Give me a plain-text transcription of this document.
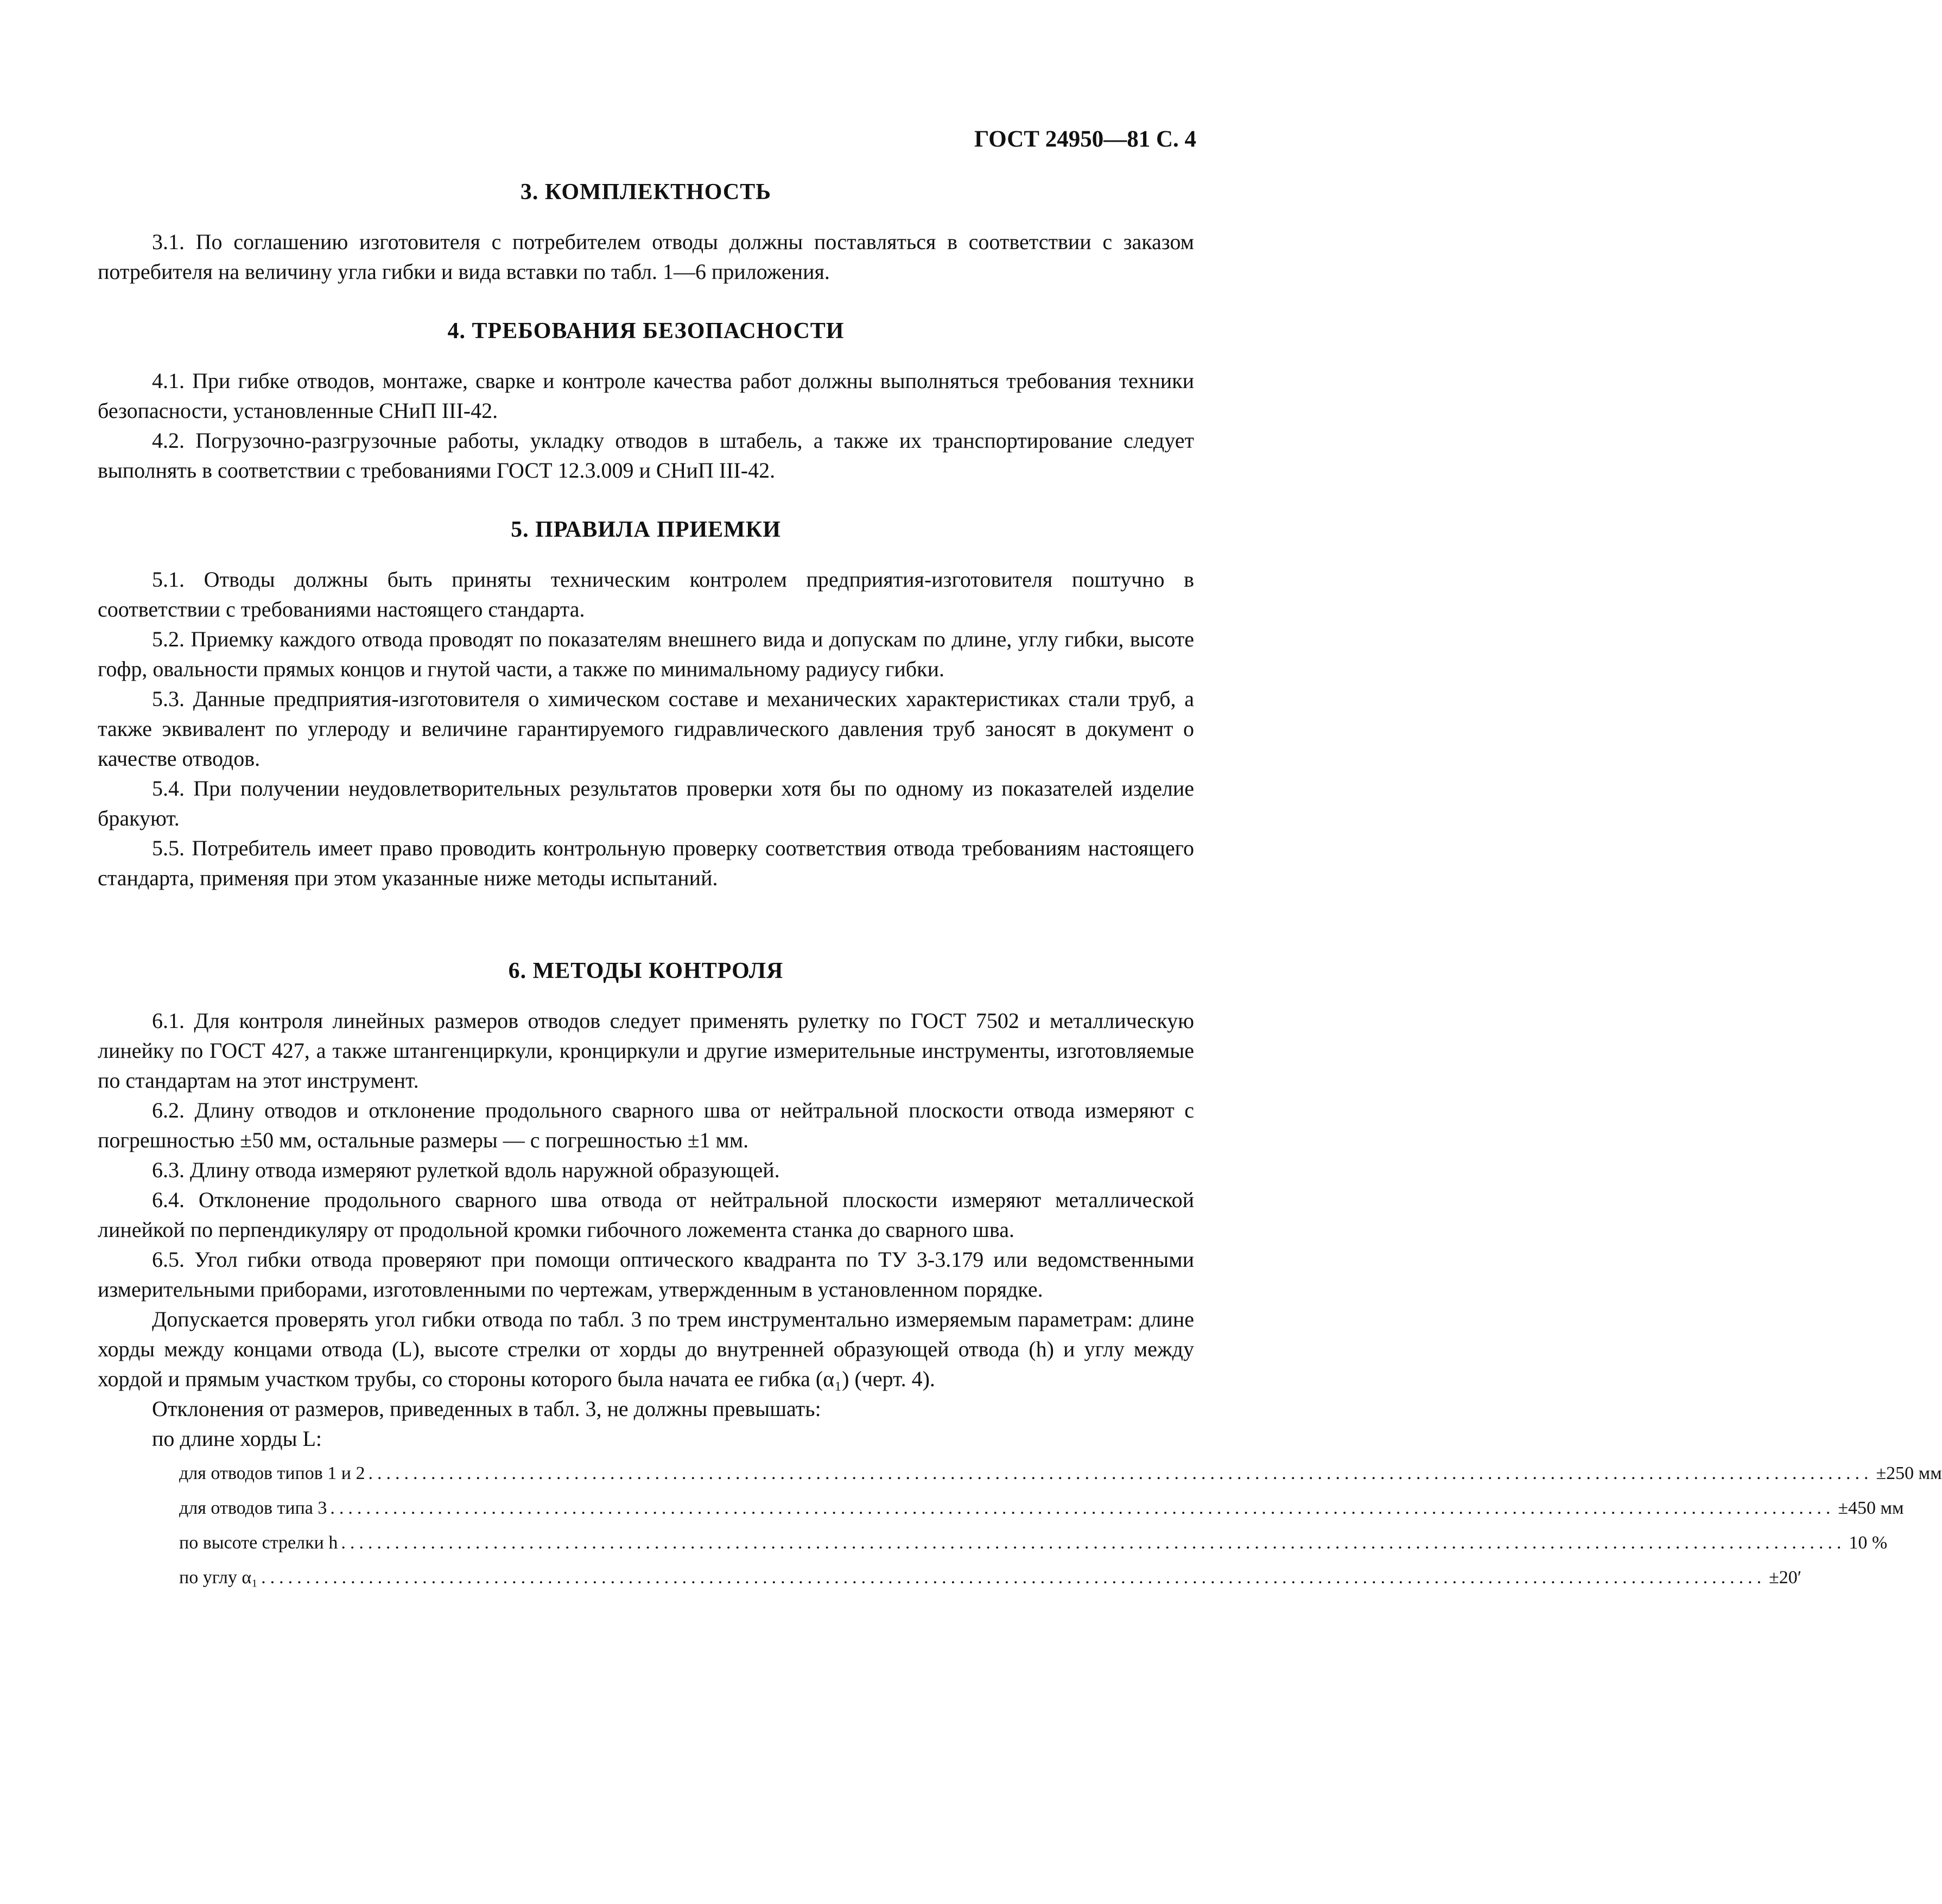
ГОСТ 24950—81 С. 4
3. КОМПЛЕКТНОСТЬ

3.1. По соглашению изготовителя с потребителем отводы должны поставляться в соответствии с заказом потребителя на величину угла гибки и вида вставки по табл. 1—6 приложения.

4. ТРЕБОВАНИЯ БЕЗОПАСНОСТИ

4.1. При гибке отводов, монтаже, сварке и контроле качества работ должны выполняться требования техники безопасности, установленные СНиП III-42.

4.2. Погрузочно-разгрузочные работы, укладку отводов в штабель, а также их транспортирование следует выполнять в соответствии с требованиями ГОСТ 12.3.009 и СНиП III-42.

5. ПРАВИЛА ПРИЕМКИ

5.1. Отводы должны быть приняты техническим контролем предприятия-изготовителя поштучно в соответствии с требованиями настоящего стандарта.

5.2. Приемку каждого отвода проводят по показателям внешнего вида и допускам по длине, углу гибки, высоте гофр, овальности прямых концов и гнутой части, а также по минимальному радиусу гибки.

5.3. Данные предприятия-изготовителя о химическом составе и механических характеристиках стали труб, а также эквивалент по углероду и величине гарантируемого гидравлического давления труб заносят в документ о качестве отводов.

5.4. При получении неудовлетворительных результатов проверки хотя бы по одному из показателей изделие бракуют.

5.5. Потребитель имеет право проводить контрольную проверку соответствия отвода требованиям настоящего стандарта, применяя при этом указанные ниже методы испытаний.

6. МЕТОДЫ КОНТРОЛЯ

6.1. Для контроля линейных размеров отводов следует применять рулетку по ГОСТ 7502 и металлическую линейку по ГОСТ 427, а также штангенциркули, кронциркули и другие измерительные инструменты, изготовляемые по стандартам на этот инструмент.

6.2. Длину отводов и отклонение продольного сварного шва от нейтральной плоскости отвода измеряют с погрешностью ±50 мм, остальные размеры — с погрешностью ±1 мм.

6.3. Длину отвода измеряют рулеткой вдоль наружной образующей.

6.4. Отклонение продольного сварного шва отвода от нейтральной плоскости измеряют металлической линейкой по перпендикуляру от продольной кромки гибочного ложемента станка до сварного шва.

6.5. Угол гибки отвода проверяют при помощи оптического квадранта по ТУ 3-3.179 или ведомственными измерительными приборами, изготовленными по чертежам, утвержденным в установленном порядке.

Допускается проверять угол гибки отвода по табл. 3 по трем инструментально измеряемым параметрам: длине хорды между концами отвода (L), высоте стрелки от хорды до внутренней образующей отвода (h) и углу между хордой и прямым участком трубы, со стороны которого была начата ее гибка (α₁) (черт. 4).

Отклонения от размеров, приведенных в табл. 3, не должны превышать:
по длине хорды L:
для отводов типов 1 и 2 ........................................................................................................................................................................ ±250 мм
для отводов типа 3 ........................................................................................................................................................................ ±450 мм
по высоте стрелки h ........................................................................................................................................................................ 10 %
по углу α₁ ........................................................................................................................................................................ ±20′
